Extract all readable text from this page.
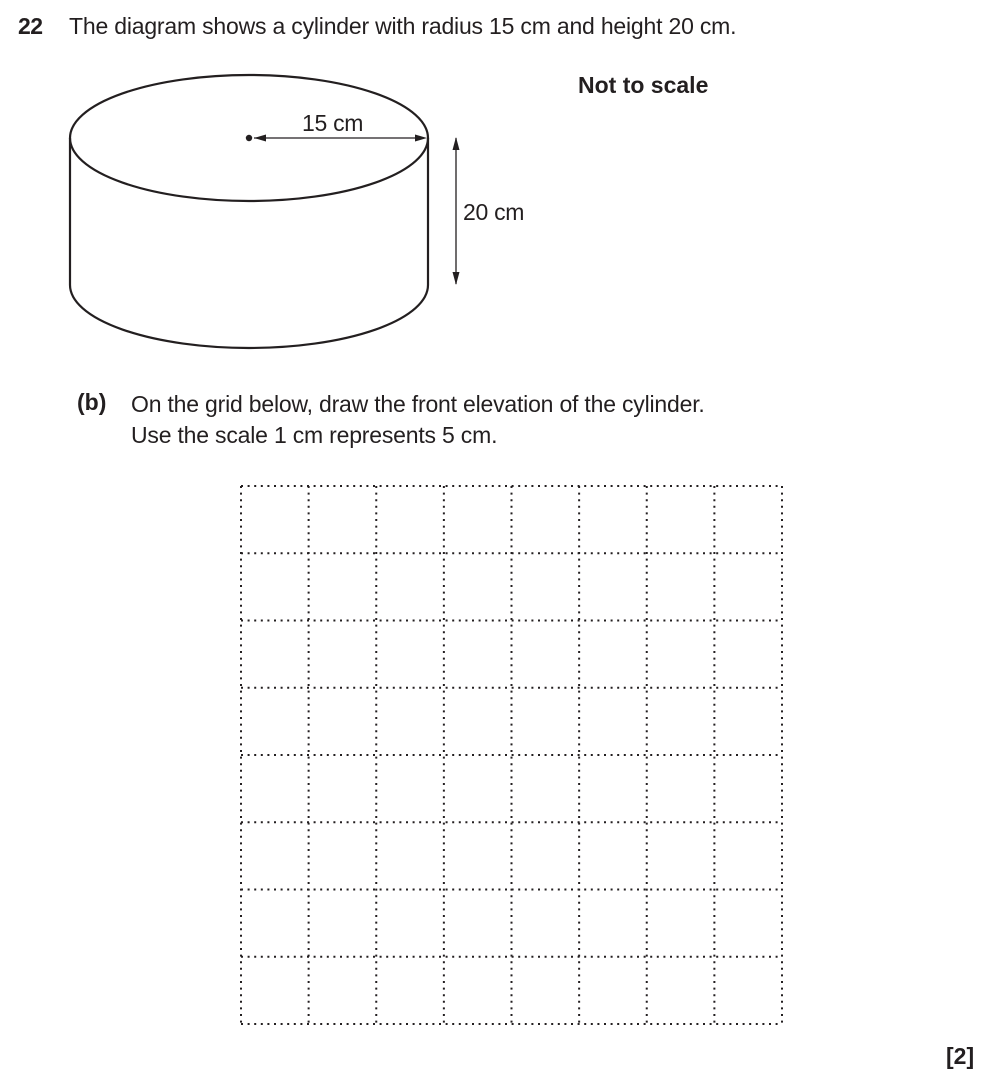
22 The diagram shows a cylinder with radius 15 cm and height 20 cm.
Not to scale
15 cm
20 cm
(b) On the grid below, draw the front elevation of the cylinder.
Use the scale 1 cm represents 5 cm.
[2]
